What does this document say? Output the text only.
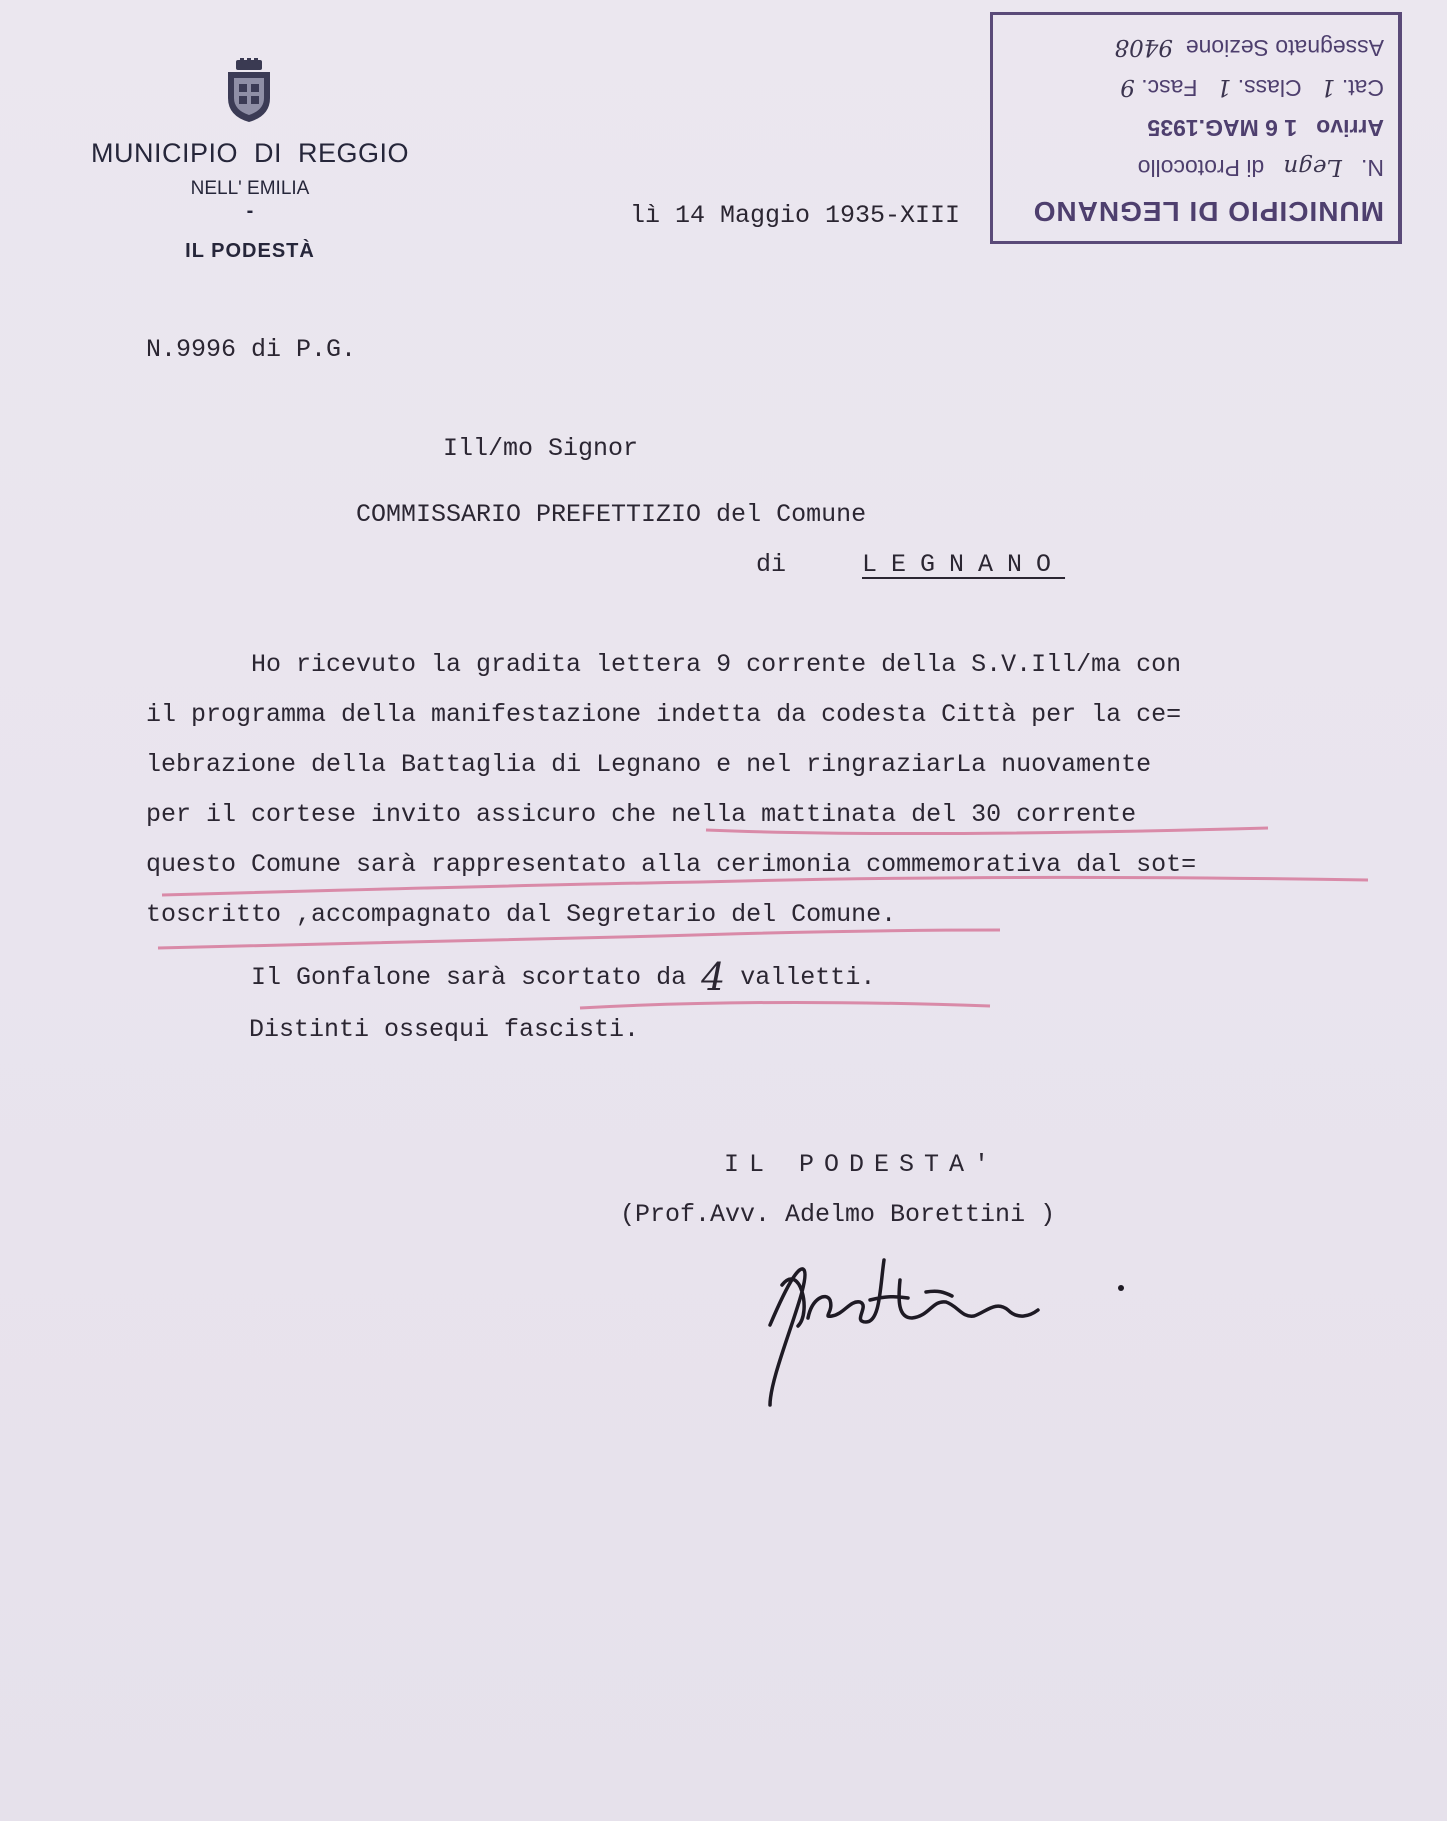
MUNICIPIO DI REGGIO
NELL' EMILIA
-
IL PODESTÀ
lì 14 Maggio 1935-XIII	MUNICIPIO DI LEGNANO
N.   Legn   di Protocollo
Arrivo   1 6 MAG.1935
Cat. 1   Class. 1   Fasc. 9
Assegnato Sezione  9408
N.9996 di P.G.
Ill/mo Signor
COMMISSARIO PREFETTIZIO del Comune
di	LEGNANO
Ho ricevuto la gradita lettera 9 corrente della S.V.Ill/ma con
il programma della manifestazione indetta da codesta Città per la ce=
lebrazione della Battaglia di Legnano e nel ringraziarLa nuovamente
per il cortese invito assicuro che nella mattinata del 30 corrente
questo Comune sarà rappresentato alla cerimonia commemorativa dal sot=
toscritto ,accompagnato dal Segretario del Comune.
Il Gonfalone sarà scortato da 4 valletti.
Distinti ossequi fascisti.
IL PODESTA'
(Prof.Avv. Adelmo Borettini )
